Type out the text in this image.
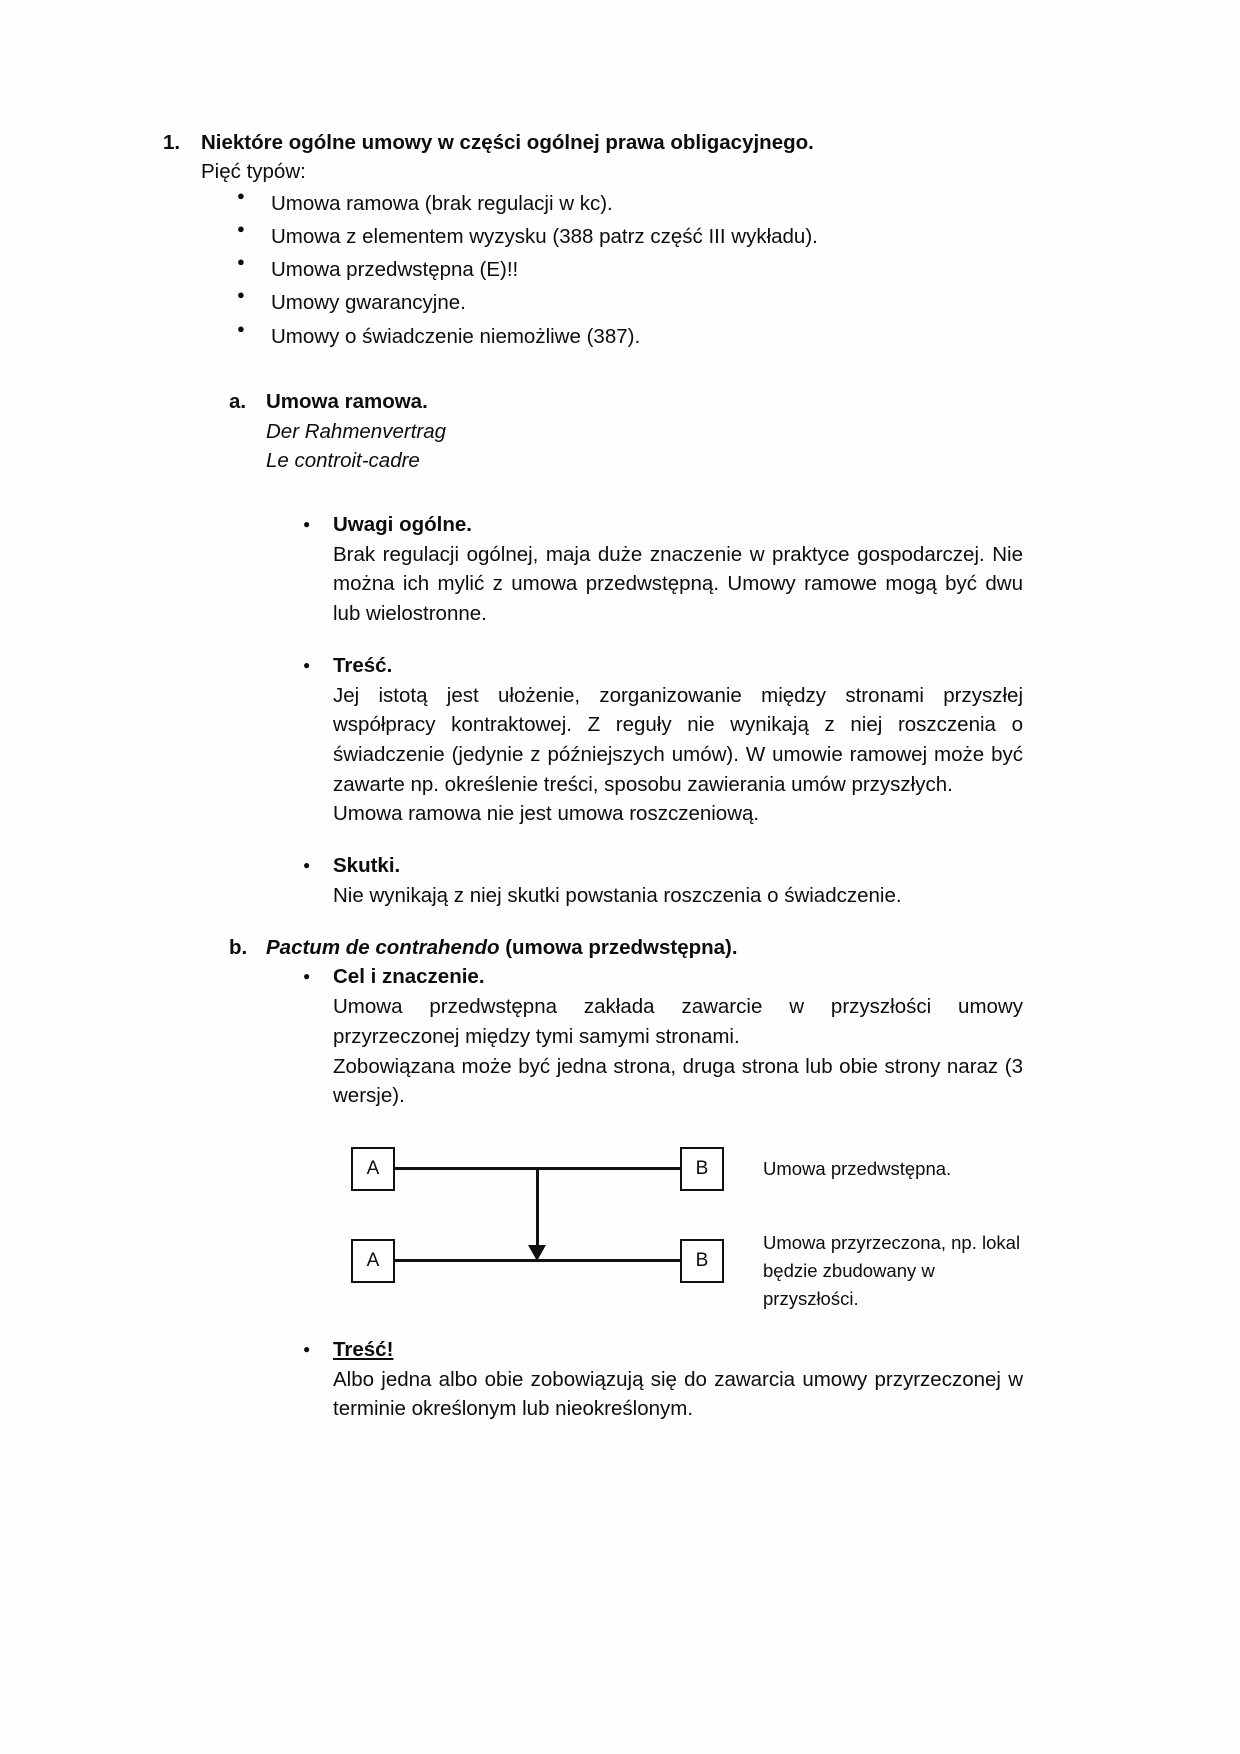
1.	Niektóre ogólne umowy w części ogólnej prawa obligacyjnego.
Pięć typów:
●
Umowa ramowa (brak regulacji w kc).
●
Umowa z elementem wyzysku (388 patrz część III wykładu).
●
Umowa przedwstępna (E)!!
●
Umowy gwarancyjne.
●
Umowy o świadczenie niemożliwe (387).
a. Umowa ramowa.
Der Rahmenvertrag
Le controit-cadre
●
Uwagi ogólne.
Brak regulacji ogólnej, maja duże znaczenie w praktyce gospodarczej. Nie można ich mylić z umowa przedwstępną. Umowy ramowe mogą być dwu lub wielostronne.
●
Treść.
Jej istotą jest ułożenie, zorganizowanie między stronami przyszłej współpracy kontraktowej. Z reguły nie wynikają z niej roszczenia o świadczenie (jedynie z późniejszych umów). W umowie ramowej może być zawarte np. określenie treści, sposobu zawierania umów przyszłych.
Umowa ramowa nie jest umowa roszczeniową.
●
Skutki.
Nie wynikają z niej skutki powstania roszczenia o świadczenie.
b. Pactum de contrahendo (umowa przedwstępna).
●
Cel i znaczenie.
Umowa przedwstępna zakłada zawarcie w przyszłości umowy przyrzeczonej między tymi samymi stronami.
Zobowiązana może być jedna strona, druga strona lub obie strony naraz (3 wersje).
A	B
A	B
Umowa przedwstępna.
Umowa przyrzeczona, np. lokal będzie zbudowany w przyszłości.
●
Treść!
Albo jedna albo obie zobowiązują się do zawarcia umowy przyrzeczonej w terminie określonym lub nieokreślonym.
